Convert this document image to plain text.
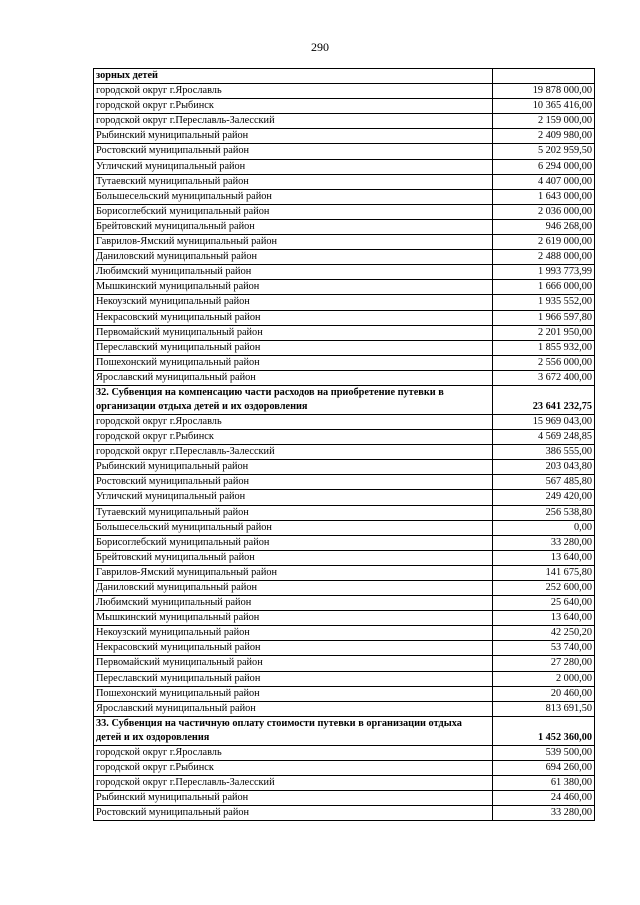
290
зорных детей	
городской округ г.Ярославль	19 878 000,00
городской округ г.Рыбинск	10 365 416,00
городской округ г.Переславль-Залесский	2 159 000,00
Рыбинский муниципальный район	2 409 980,00
Ростовский муниципальный район	5 202 959,50
Угличский муниципальный район	6 294 000,00
Тутаевский муниципальный район	4 407 000,00
Большесельский муниципальный район	1 643 000,00
Борисоглебский муниципальный район	2 036 000,00
Брейтовский муниципальный район	946 268,00
Гаврилов-Ямский муниципальный район	2 619 000,00
Даниловский муниципальный район	2 488 000,00
Любимский муниципальный район	1 993 773,99
Мышкинский муниципальный район	1 666 000,00
Некоузский муниципальный район	1 935 552,00
Некрасовский муниципальный район	1 966 597,80
Первомайский муниципальный район	2 201 950,00
Переславский муниципальный район	1 855 932,00
Пошехонский муниципальный район	2 556 000,00
Ярославский муниципальный район	3 672 400,00
32. Субвенция на компенсацию части расходов на приобретение путевки в организации отдыха детей и их оздоровления	23 641 232,75
городской округ г.Ярославль	15 969 043,00
городской округ г.Рыбинск	4 569 248,85
городской округ г.Переславль-Залесский	386 555,00
Рыбинский муниципальный район	203 043,80
Ростовский муниципальный район	567 485,80
Угличский муниципальный район	249 420,00
Тутаевский муниципальный район	256 538,80
Большесельский муниципальный район	0,00
Борисоглебский муниципальный район	33 280,00
Брейтовский муниципальный район	13 640,00
Гаврилов-Ямский муниципальный район	141 675,80
Даниловский муниципальный район	252 600,00
Любимский муниципальный район	25 640,00
Мышкинский муниципальный район	13 640,00
Некоузский муниципальный район	42 250,20
Некрасовский муниципальный район	53 740,00
Первомайский муниципальный район	27 280,00
Переславский муниципальный район	2 000,00
Пошехонский муниципальный район	20 460,00
Ярославский муниципальный район	813 691,50
33. Субвенция на частичную оплату стоимости путевки в организации отдыха детей и их оздоровления	1 452 360,00
городской округ г.Ярославль	539 500,00
городской округ г.Рыбинск	694 260,00
городской округ г.Переславль-Залесский	61 380,00
Рыбинский муниципальный район	24 460,00
Ростовский муниципальный район	33 280,00
